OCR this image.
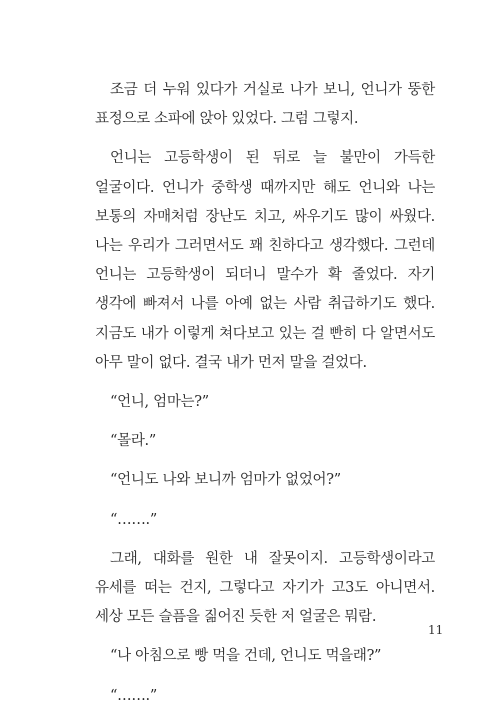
조금 더 누워 있다가 거실로 나가 보니, 언니가 뚱한 표정으로 소파에 앉아 있었다. 그럼 그렇지.

언니는 고등학생이 된 뒤로 늘 불만이 가득한 얼굴이다. 언니가 중학생 때까지만 해도 언니와 나는 보통의 자매처럼 장난도 치고, 싸우기도 많이 싸웠다. 나는 우리가 그러면서도 꽤 친하다고 생각했다. 그런데 언니는 고등학생이 되더니 말수가 확 줄었다. 자기 생각에 빠져서 나를 아예 없는 사람 취급하기도 했다. 지금도 내가 이렇게 쳐다보고 있는 걸 빤히 다 알면서도 아무 말이 없다. 결국 내가 먼저 말을 걸었다.

“언니, 엄마는?”

“몰라.”

“언니도 나와 보니까 엄마가 없었어?”

“…….”

그래, 대화를 원한 내 잘못이지. 고등학생이라고 유세를 떠는 건지, 그렇다고 자기가 고3도 아니면서. 세상 모든 슬픔을 짊어진 듯한 저 얼굴은 뭐람.

“나 아침으로 빵 먹을 건데, 언니도 먹을래?”

“…….”

11
